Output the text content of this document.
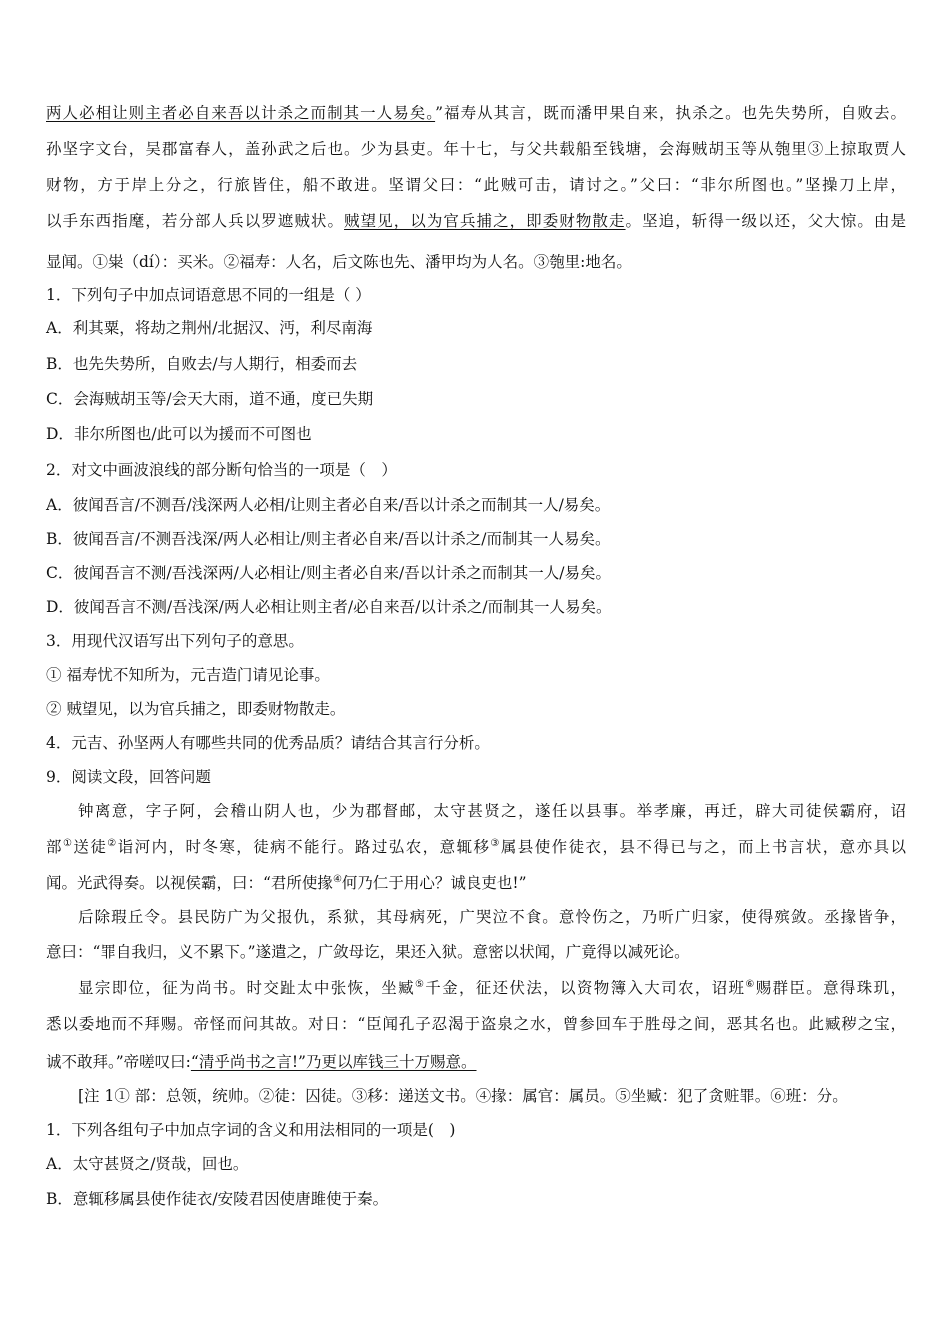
两人必相让则主者必自来吾以计杀之而制其一人易矣。”福寿从其言，既而潘甲果自来，执杀之。也先失势所，自败去。
孙坚字文台，吴郡富春人，盖孙武之后也。少为县吏。年十七，与父共载船至钱塘，会海贼胡玉等从匏里③上掠取贾人
财物，方于岸上分之，行旅皆住，船不敢进。坚谓父曰：“此贼可击，请讨之。”父曰：“非尔所图也。”坚操刀上岸，
以手东西指麾，若分部人兵以罗遮贼状。贼望见，以为官兵捕之，即委财物散走。坚追，斩得一级以还，父大惊。由是
显闻。①粜（dí）：买米。②福寿：人名，后文陈也先、潘甲均为人名。③匏里:地名。
1．下列句子中加点词语意思不同的一组是（ ）
A．利其粟，将劫之荆州/北据汉、沔，利尽南海
B．也先失势所，自败去/与人期行，相委而去
C．会海贼胡玉等/会天大雨，道不通，度已失期
D．非尔所图也/此可以为援而不可图也
2．对文中画波浪线的部分断句恰当的一项是（　）
A．彼闻吾言/不测吾/浅深两人必相/让则主者必自来/吾以计杀之而制其一人/易矣。
B．彼闻吾言/不测吾浅深/两人必相让/则主者必自来/吾以计杀之/而制其一人易矣。
C．彼闻吾言不测/吾浅深两/人必相让/则主者必自来/吾以计杀之而制其一人/易矣。
D．彼闻吾言不测/吾浅深/两人必相让则主者/必自来吾/以计杀之/而制其一人易矣。
3．用现代汉语写出下列句子的意思。
① 福寿忧不知所为，元吉造门请见论事。
② 贼望见，以为官兵捕之，即委财物散走。
4．元吉、孙坚两人有哪些共同的优秀品质？请结合其言行分析。
9．阅读文段，回答问题
钟离意，字子阿，会稽山阴人也，少为郡督邮，太守甚贤之，遂任以县事。举孝廉，再迁，辟大司徒侯霸府，诏
部①送徒②诣河内，时冬寒，徒病不能行。路过弘农，意辄移③属县使作徒衣，县不得已与之，而上书言状，意亦具以
闻。光武得奏。以视侯霸，曰：“君所使掾④何乃仁于用心？诚良吏也!”
后除瑕丘令。县民防广为父报仇，系狱，其母病死，广哭泣不食。意怜伤之，乃听广归家，使得殡敛。丞掾皆争，
意曰：“罪自我归，义不累下。”遂遣之，广敛母讫，果还入狱。意密以状闻，广竟得以减死论。
显宗即位，征为尚书。时交趾太中张恢，坐臧⑤千金，征还伏法，以资物簿入大司农，诏班⑥赐群臣。意得珠玑，
悉以委地而不拜赐。帝怪而问其故。对日：“臣闻孔子忍渴于盗泉之水，曾参回车于胜母之间，恶其名也。此臧秽之宝，
诚不敢拜。”帝嗟叹曰:“清乎尚书之言!”乃更以库钱三十万赐意。
[注 1① 部：总领，统帅。②徒：囚徒。③移：递送文书。④掾：属官：属员。⑤坐臧：犯了贪赃罪。⑥班：分。
1．下列各组句子中加点字词的含义和用法相同的一项是(　)
A．太守甚贤之/贤哉，回也。
B．意辄移属县使作徒衣/安陵君因使唐雎使于秦。
